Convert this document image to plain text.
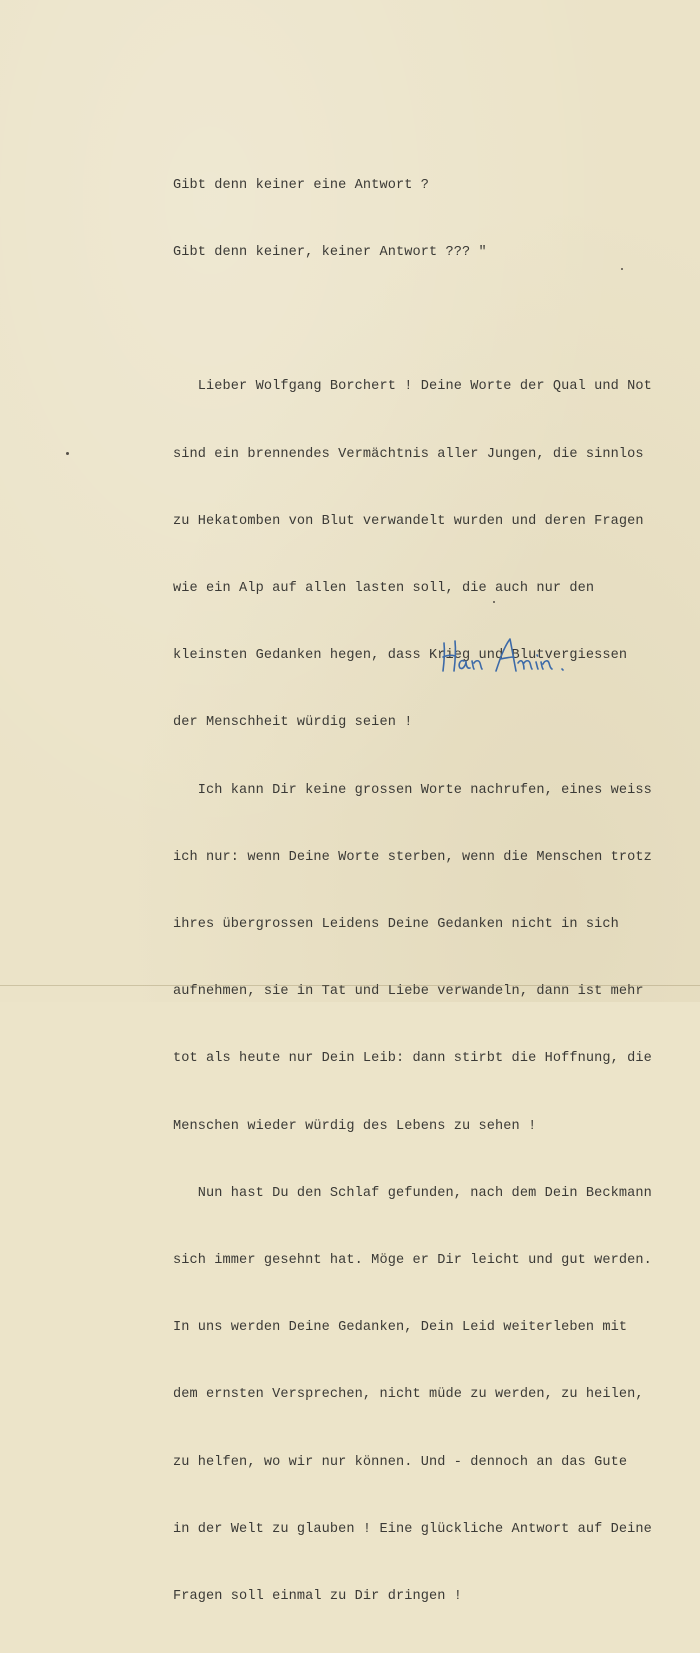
Gibt denn keiner eine Antwort ?

Gibt denn keiner, keiner Antwort ??? "

Lieber Wolfgang Borchert ! Deine Worte der Qual und Not

sind ein brennendes Vermächtnis aller Jungen, die sinnlos

zu Hekatomben von Blut verwandelt wurden und deren Fragen

wie ein Alp auf allen lasten soll, die auch nur den

kleinsten Gedanken hegen, dass Krieg und Blutvergiessen

der Menschheit würdig seien !

Ich kann Dir keine grossen Worte nachrufen, eines weiss

ich nur: wenn Deine Worte sterben, wenn die Menschen trotz

ihres übergrossen Leidens Deine Gedanken nicht in sich

aufnehmen, sie in Tat und Liebe verwandeln, dann ist mehr

tot als heute nur Dein Leib: dann stirbt die Hoffnung, die

Menschen wieder würdig des Lebens zu sehen !

Nun hast Du den Schlaf gefunden, nach dem Dein Beckmann

sich immer gesehnt hat. Möge er Dir leicht und gut werden.

In uns werden Deine Gedanken, Dein Leid weiterleben mit

dem ernsten Versprechen, nicht müde zu werden, zu heilen,

zu helfen, wo wir nur können. Und - dennoch an das Gute

in der Welt zu glauben ! Eine glückliche Antwort auf Deine

Fragen soll einmal zu Dir dringen !
